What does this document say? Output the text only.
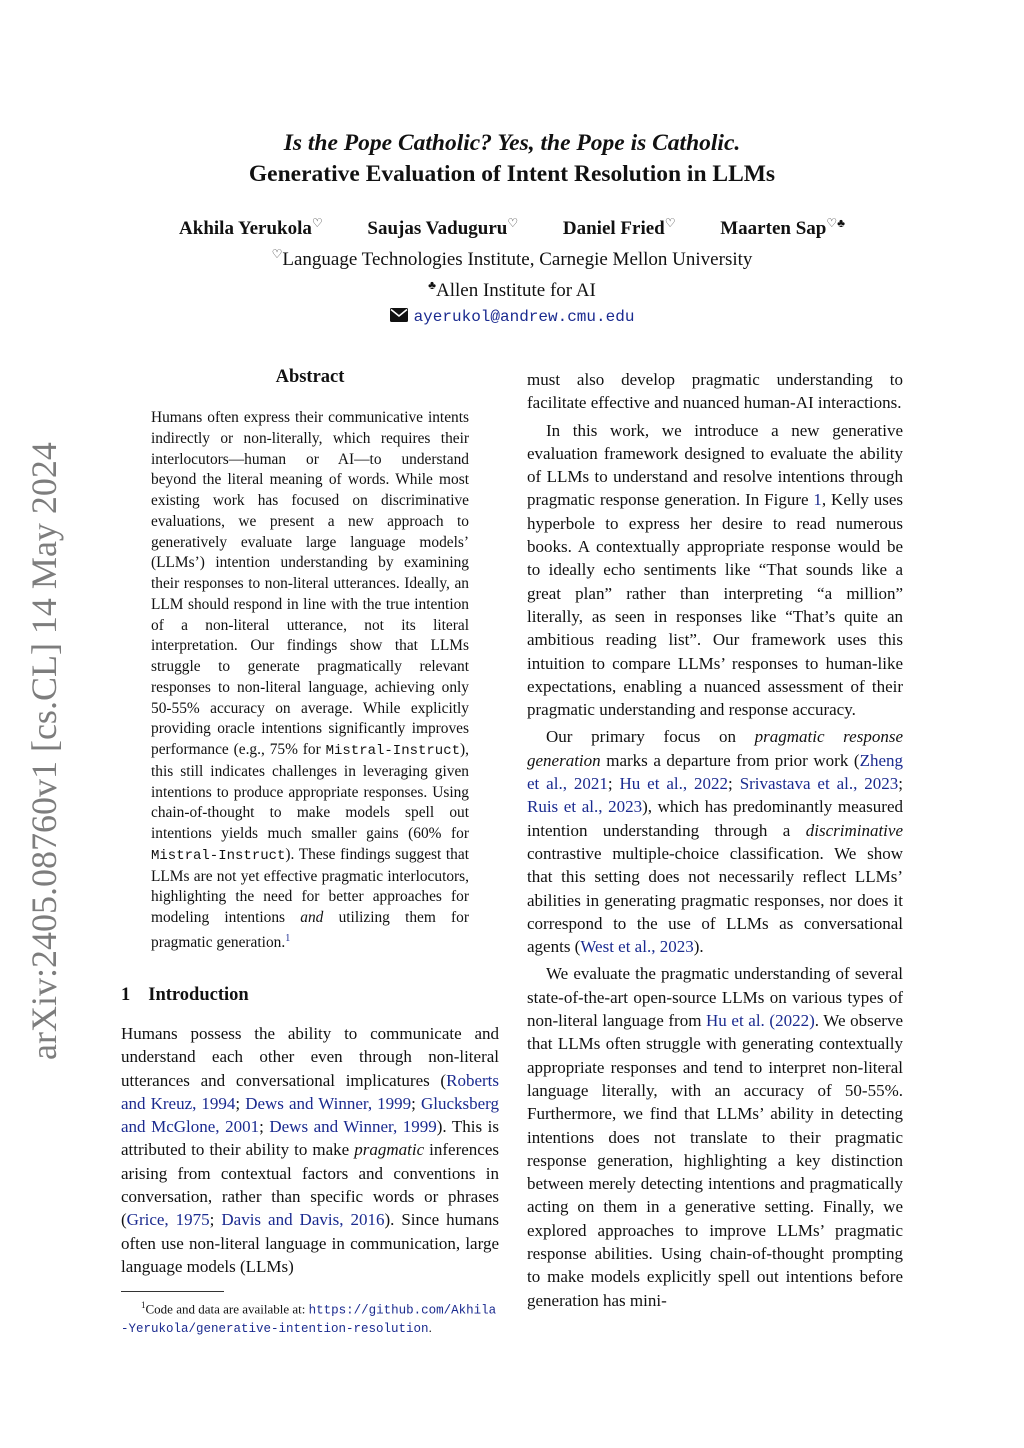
arXiv:2405.08760v1 [cs.CL] 14 May 2024
Is the Pope Catholic? Yes, the Pope is Catholic.
Generative Evaluation of Intent Resolution in LLMs
Akhila Yerukola♡ Saujas Vaduguru♡ Daniel Fried♡ Maarten Sap♡♣
♡Language Technologies Institute, Carnegie Mellon University
♣Allen Institute for AI
ayerukol@andrew.cmu.edu
Abstract
Humans often express their communicative intents indirectly or non-literally, which requires their interlocutors—human or AI—to understand beyond the literal meaning of words. While most existing work has focused on discriminative evaluations, we present a new approach to generatively evaluate large language models’ (LLMs’) intention understanding by examining their responses to non-literal utterances. Ideally, an LLM should respond in line with the true intention of a non-literal utterance, not its literal interpretation. Our findings show that LLMs struggle to generate pragmatically relevant responses to non-literal language, achieving only 50-55% accuracy on average. While explicitly providing oracle intentions significantly improves performance (e.g., 75% for Mistral-Instruct), this still indicates challenges in leveraging given intentions to produce appropriate responses. Using chain-of-thought to make models spell out intentions yields much smaller gains (60% for Mistral-Instruct). These findings suggest that LLMs are not yet effective pragmatic interlocutors, highlighting the need for better approaches for modeling intentions and utilizing them for pragmatic generation.$^1$
1 Introduction
Humans possess the ability to communicate and understand each other even through non-literal utterances and conversational implicatures (Roberts and Kreuz, 1994; Dews and Winner, 1999; Glucksberg and McGlone, 2001; Dews and Winner, 1999). This is attributed to their ability to make pragmatic inferences arising from contextual factors and conventions in conversation, rather than specific words or phrases (Grice, 1975; Davis and Davis, 2016). Since humans often use non-literal language in communication, large language models (LLMs)
$^1$Code and data are available at: https://github.com/Akhila-Yerukola/generative-intention-resolution.

must also develop pragmatic understanding to facilitate effective and nuanced human-AI interactions.

In this work, we introduce a new generative evaluation framework designed to evaluate the ability of LLMs to understand and resolve intentions through pragmatic response generation. In Figure 1, Kelly uses hyperbole to express her desire to read numerous books. A contextually appropriate response would be to ideally echo sentiments like “That sounds like a great plan” rather than interpreting “a million” literally, as seen in responses like “That’s quite an ambitious reading list”. Our framework uses this intuition to compare LLMs’ responses to human-like expectations, enabling a nuanced assessment of their pragmatic understanding and response accuracy.

Our primary focus on pragmatic response generation marks a departure from prior work (Zheng et al., 2021; Hu et al., 2022; Srivastava et al., 2023; Ruis et al., 2023), which has predominantly measured intention understanding through a discriminative contrastive multiple-choice classification. We show that this setting does not necessarily reflect LLMs’ abilities in generating pragmatic responses, nor does it correspond to the use of LLMs as conversational agents (West et al., 2023).

We evaluate the pragmatic understanding of several state-of-the-art open-source LLMs on various types of non-literal language from Hu et al. (2022). We observe that LLMs often struggle with generating contextually appropriate responses and tend to interpret non-literal language literally, with an accuracy of 50-55%. Furthermore, we find that LLMs’ ability in detecting intentions does not translate to their pragmatic response generation, highlighting a key distinction between merely detecting intentions and pragmatically acting on them in a generative setting. Finally, we explored approaches to improve LLMs’ pragmatic response abilities. Using chain-of-thought prompting to make models explicitly spell out intentions before generation has mini-
